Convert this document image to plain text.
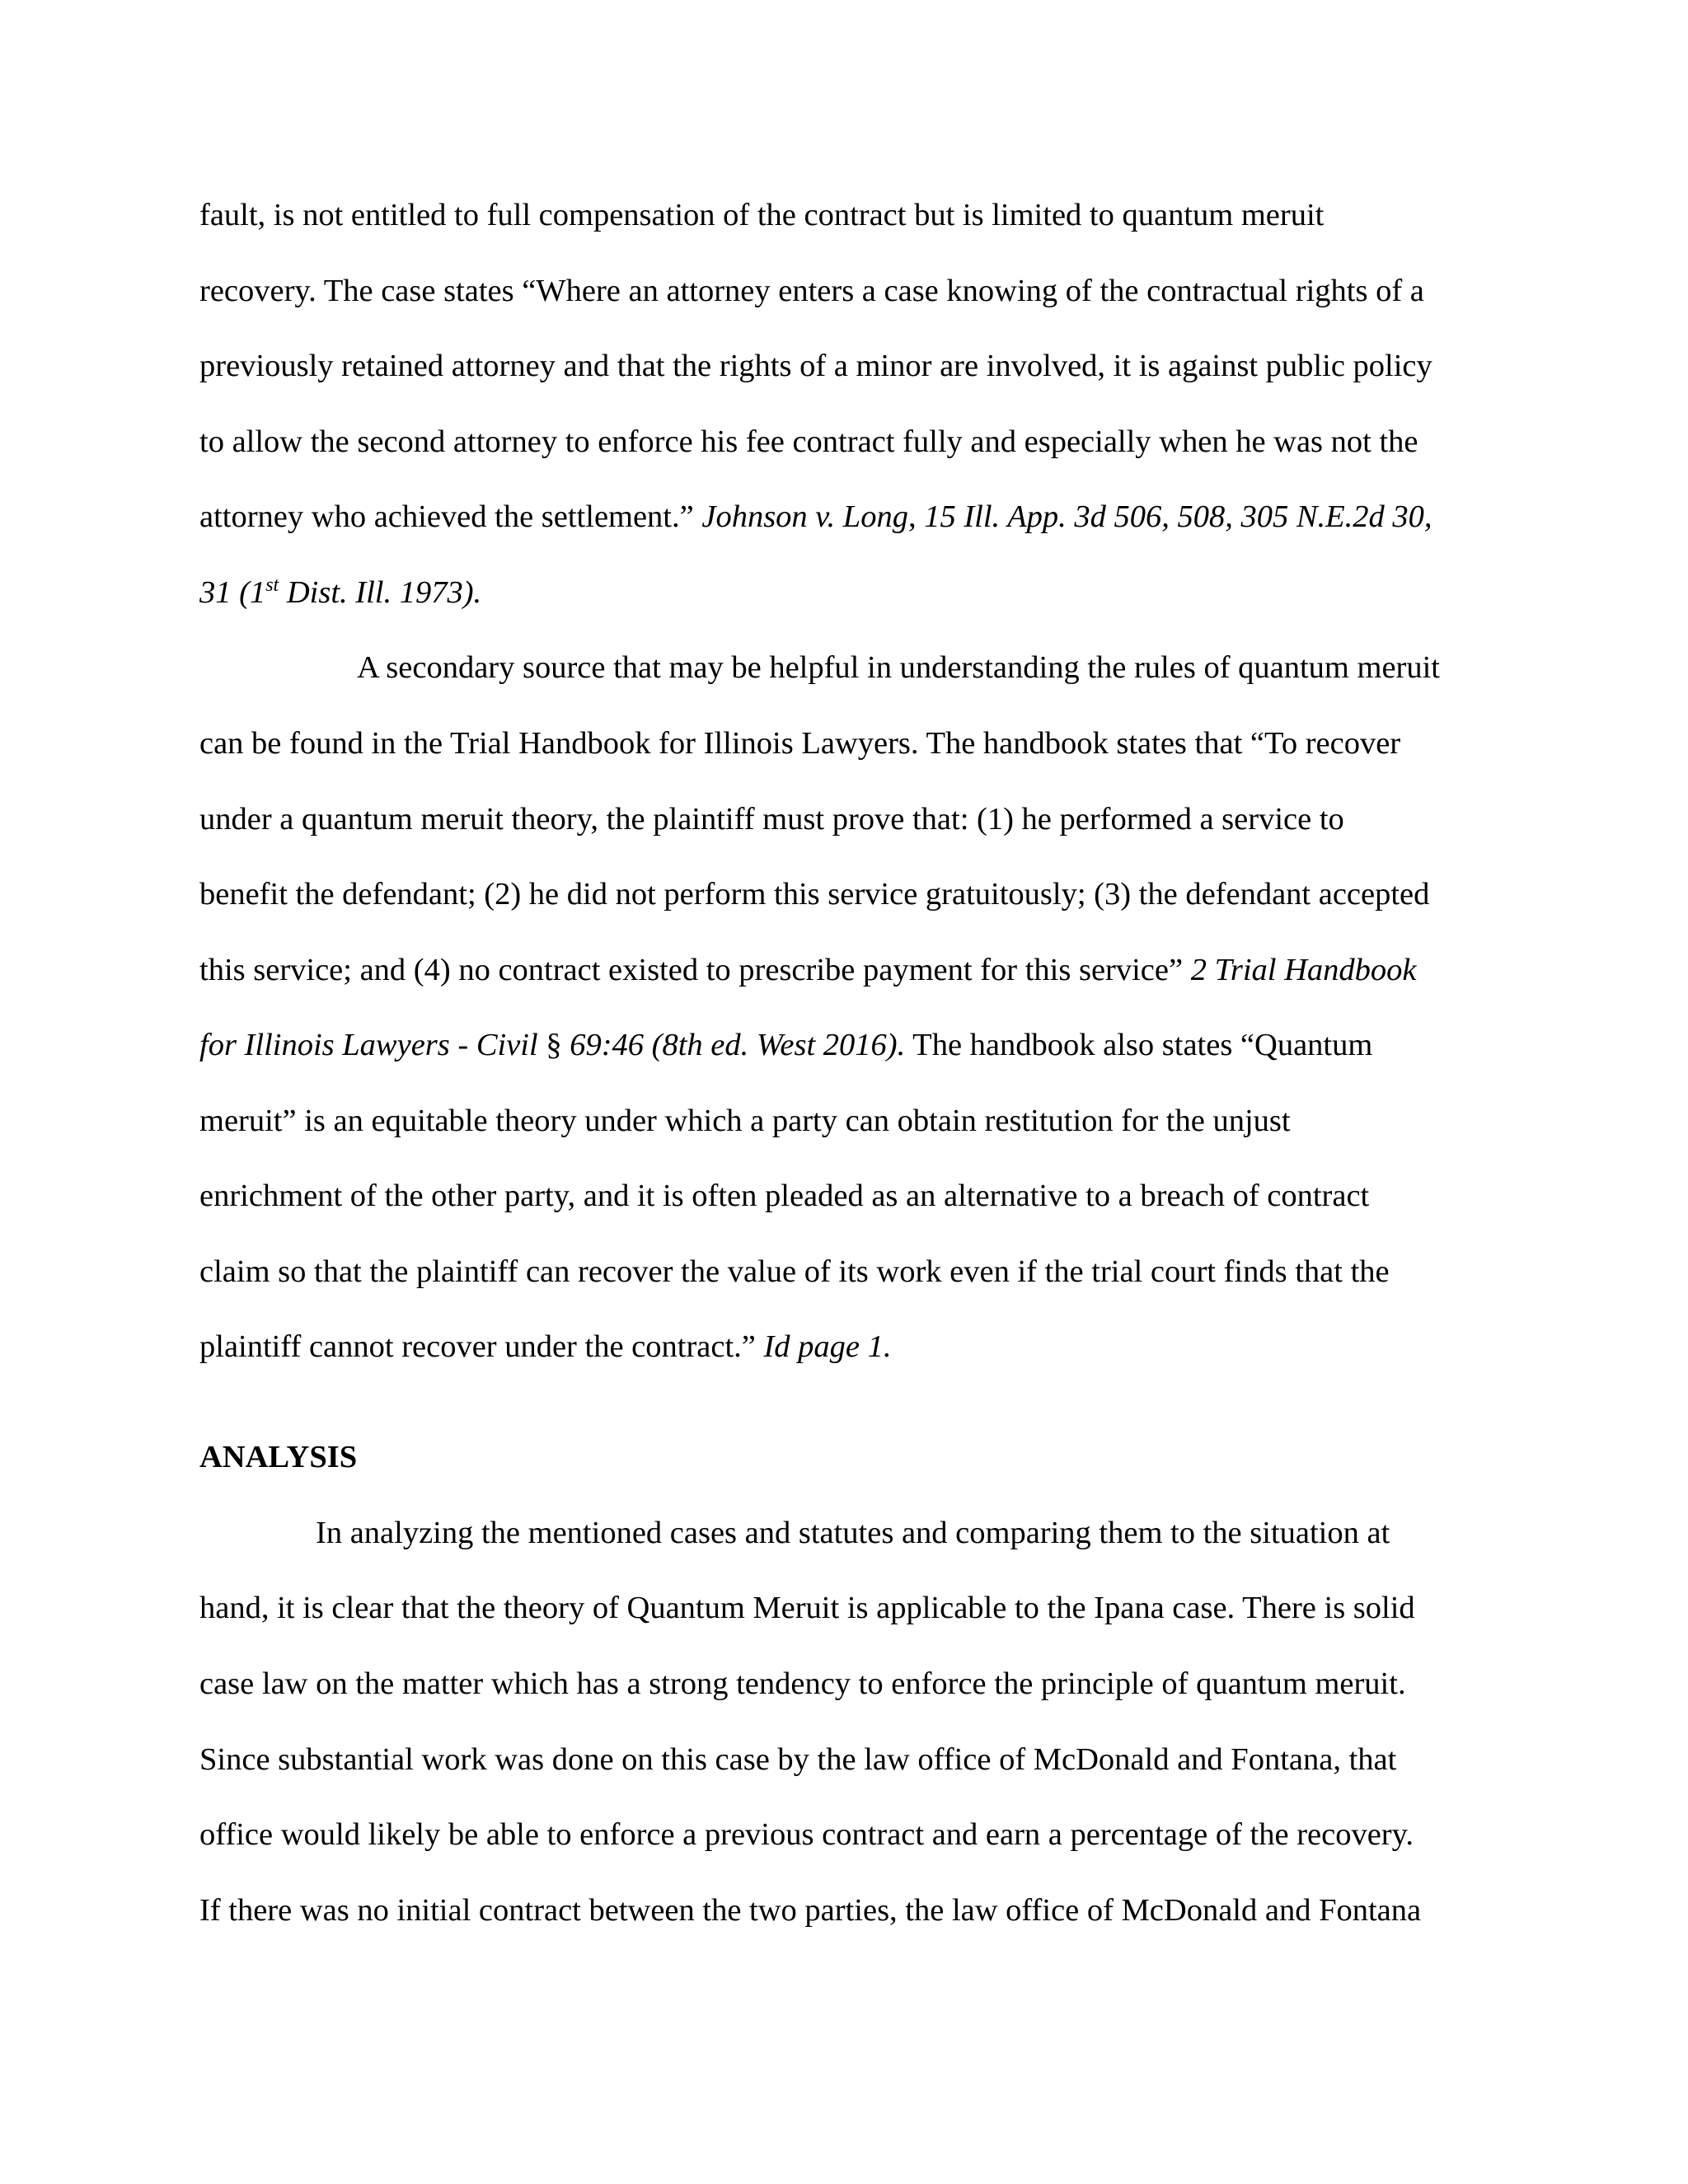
fault, is not entitled to full compensation of the contract but is limited to quantum meruit
recovery. The case states “Where an attorney enters a case knowing of the contractual rights of a
previously retained attorney and that the rights of a minor are involved, it is against public policy
to allow the second attorney to enforce his fee contract fully and especially when he was not the
attorney who achieved the settlement.” Johnson v. Long, 15 Ill. App. 3d 506, 508, 305 N.E.2d 30,
31 (1st Dist. Ill. 1973).
A secondary source that may be helpful in understanding the rules of quantum meruit
can be found in the Trial Handbook for Illinois Lawyers. The handbook states that “To recover
under a quantum meruit theory, the plaintiff must prove that: (1) he performed a service to
benefit the defendant; (2) he did not perform this service gratuitously; (3) the defendant accepted
this service; and (4) no contract existed to prescribe payment for this service” 2 Trial Handbook
for Illinois Lawyers - Civil § 69:46 (8th ed. West 2016). The handbook also states “Quantum
meruit” is an equitable theory under which a party can obtain restitution for the unjust
enrichment of the other party, and it is often pleaded as an alternative to a breach of contract
claim so that the plaintiff can recover the value of its work even if the trial court finds that the
plaintiff cannot recover under the contract.” Id page 1.
ANALYSIS
In analyzing the mentioned cases and statutes and comparing them to the situation at
hand, it is clear that the theory of Quantum Meruit is applicable to the Ipana case. There is solid
case law on the matter which has a strong tendency to enforce the principle of quantum meruit.
Since substantial work was done on this case by the law office of McDonald and Fontana, that
office would likely be able to enforce a previous contract and earn a percentage of the recovery.
If there was no initial contract between the two parties, the law office of McDonald and Fontana
